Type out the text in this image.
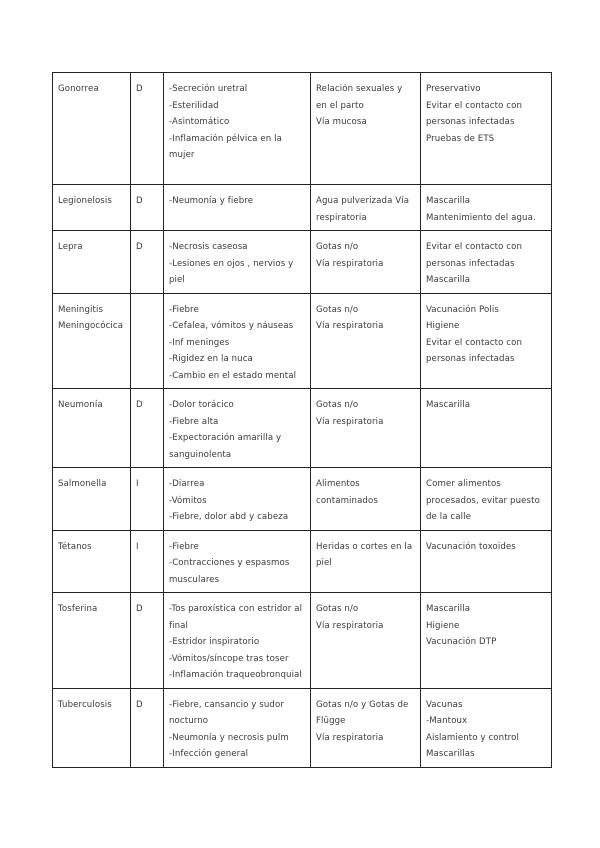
Gonorrea	D	-Secreción uretral
-Esterilidad
-Asintomático
-Inflamación pélvica en la mujer	Relación sexuales y en el parto
Vía mucosa	Preservativo
Evitar el contacto con personas infectadas
Pruebas de ETS

Legionelosis	D	-Neumonía y fiebre	Agua pulverizada Vía respiratoria	Mascarilla
Mantenimiento del agua.

Lepra	D	-Necrosis caseosa
-Lesiones en ojos , nervios y piel	Gotas n/o
Vía respiratoria	Evitar el contacto con personas infectadas
Mascarilla

Meningitis
Meningocócica		-Fiebre
-Cefalea, vómitos y náuseas
-Inf meninges
-Rigidez en la nuca
-Cambio en el estado mental	Gotas n/o
Vía respiratoria	Vacunación Polis
Higiene
Evitar el contacto con personas infectadas

Neumonía	D	-Dolor torácico
-Fiebre alta
-Expectoración amarilla y sanguinolenta	Gotas n/o
Vía respiratoria	Mascarilla

Salmonella	I	-Diarrea
-Vómitos
-Fiebre, dolor abd y cabeza	Alimentos contaminados	Comer alimentos procesados, evitar puesto de la calle

Tétanos	I	-Fiebre
-Contracciones y espasmos musculares	Heridas o cortes en la piel	Vacunación toxoides

Tosferina	D	-Tos paroxística con estridor al final
-Estridor inspiratorio
-Vómitos/síncope tras toser
-Inflamación traqueobronquial	Gotas n/o
Vía respiratoria	Mascarilla
Higiene
Vacunación DTP

Tuberculosis	D	-Fiebre, cansancio y sudor nocturno
-Neumonía y necrosis pulm
-Infección general	Gotas n/o y Gotas de Flügge
Vía respiratoria	Vacunas
-Mantoux
Aislamiento y control
Mascarillas
